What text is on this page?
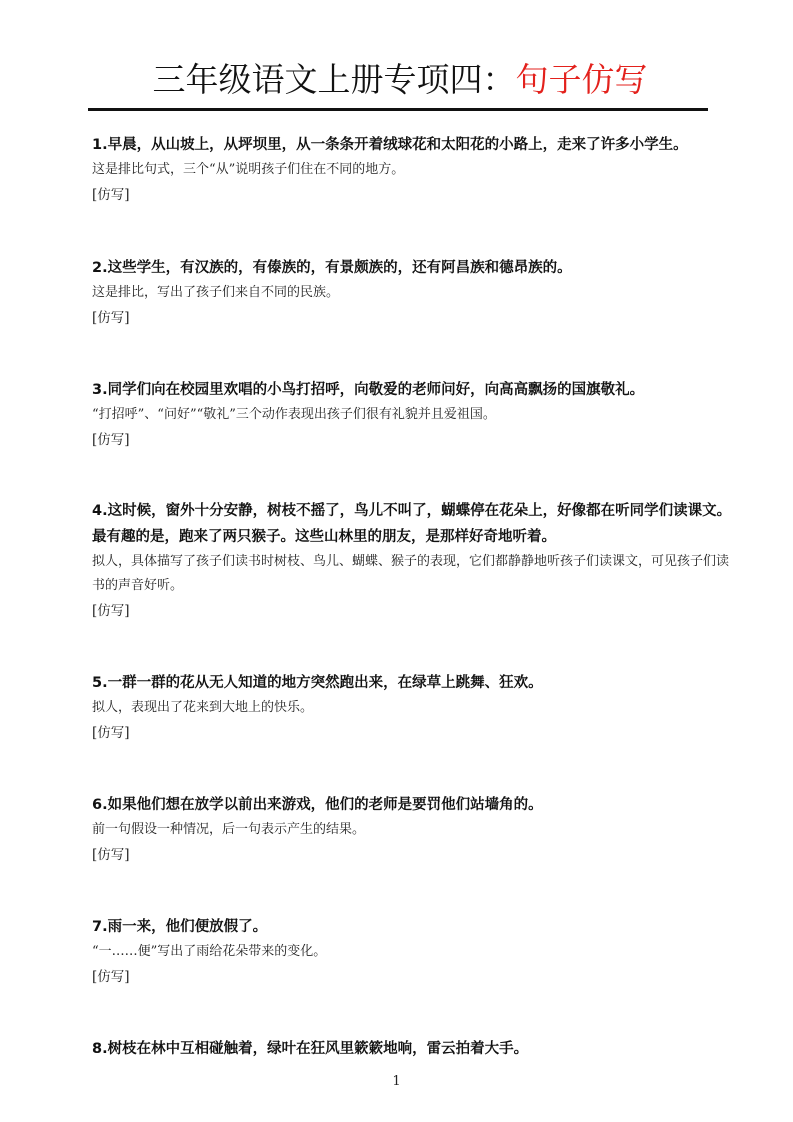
三年级语文上册专项四：句子仿写
1.早晨，从山坡上，从坪坝里，从一条条开着绒球花和太阳花的小路上，走来了许多小学生。
这是排比句式，三个“从”说明孩子们住在不同的地方。
[仿写]
2.这些学生，有汉族的，有傣族的，有景颇族的，还有阿昌族和德昂族的。
这是排比，写出了孩子们来自不同的民族。
[仿写]
3.同学们向在校园里欢唱的小鸟打招呼，向敬爱的老师问好，向高高飘扬的国旗敬礼。
“打招呼”、“问好”“敬礼”三个动作表现出孩子们很有礼貌并且爱祖国。
[仿写]
4.这时候，窗外十分安静，树枝不摇了，鸟儿不叫了，蝴蝶停在花朵上，好像都在听同学们读课文。最有趣的是，跑来了两只猴子。这些山林里的朋友，是那样好奇地听着。
拟人，具体描写了孩子们读书时树枝、鸟儿、蝴蝶、猴子的表现，它们都静静地听孩子们读课文，可见孩子们读书的声音好听。
[仿写]
5.一群一群的花从无人知道的地方突然跑出来，在绿草上跳舞、狂欢。
拟人，表现出了花来到大地上的快乐。
[仿写]
6.如果他们想在放学以前出来游戏，他们的老师是要罚他们站墙角的。
前一句假设一种情况，后一句表示产生的结果。
[仿写]
7.雨一来，他们便放假了。
“一……便”写出了雨给花朵带来的变化。
[仿写]
8.树枝在林中互相碰触着，绿叶在狂风里簌簌地响，雷云拍着大手。
1
